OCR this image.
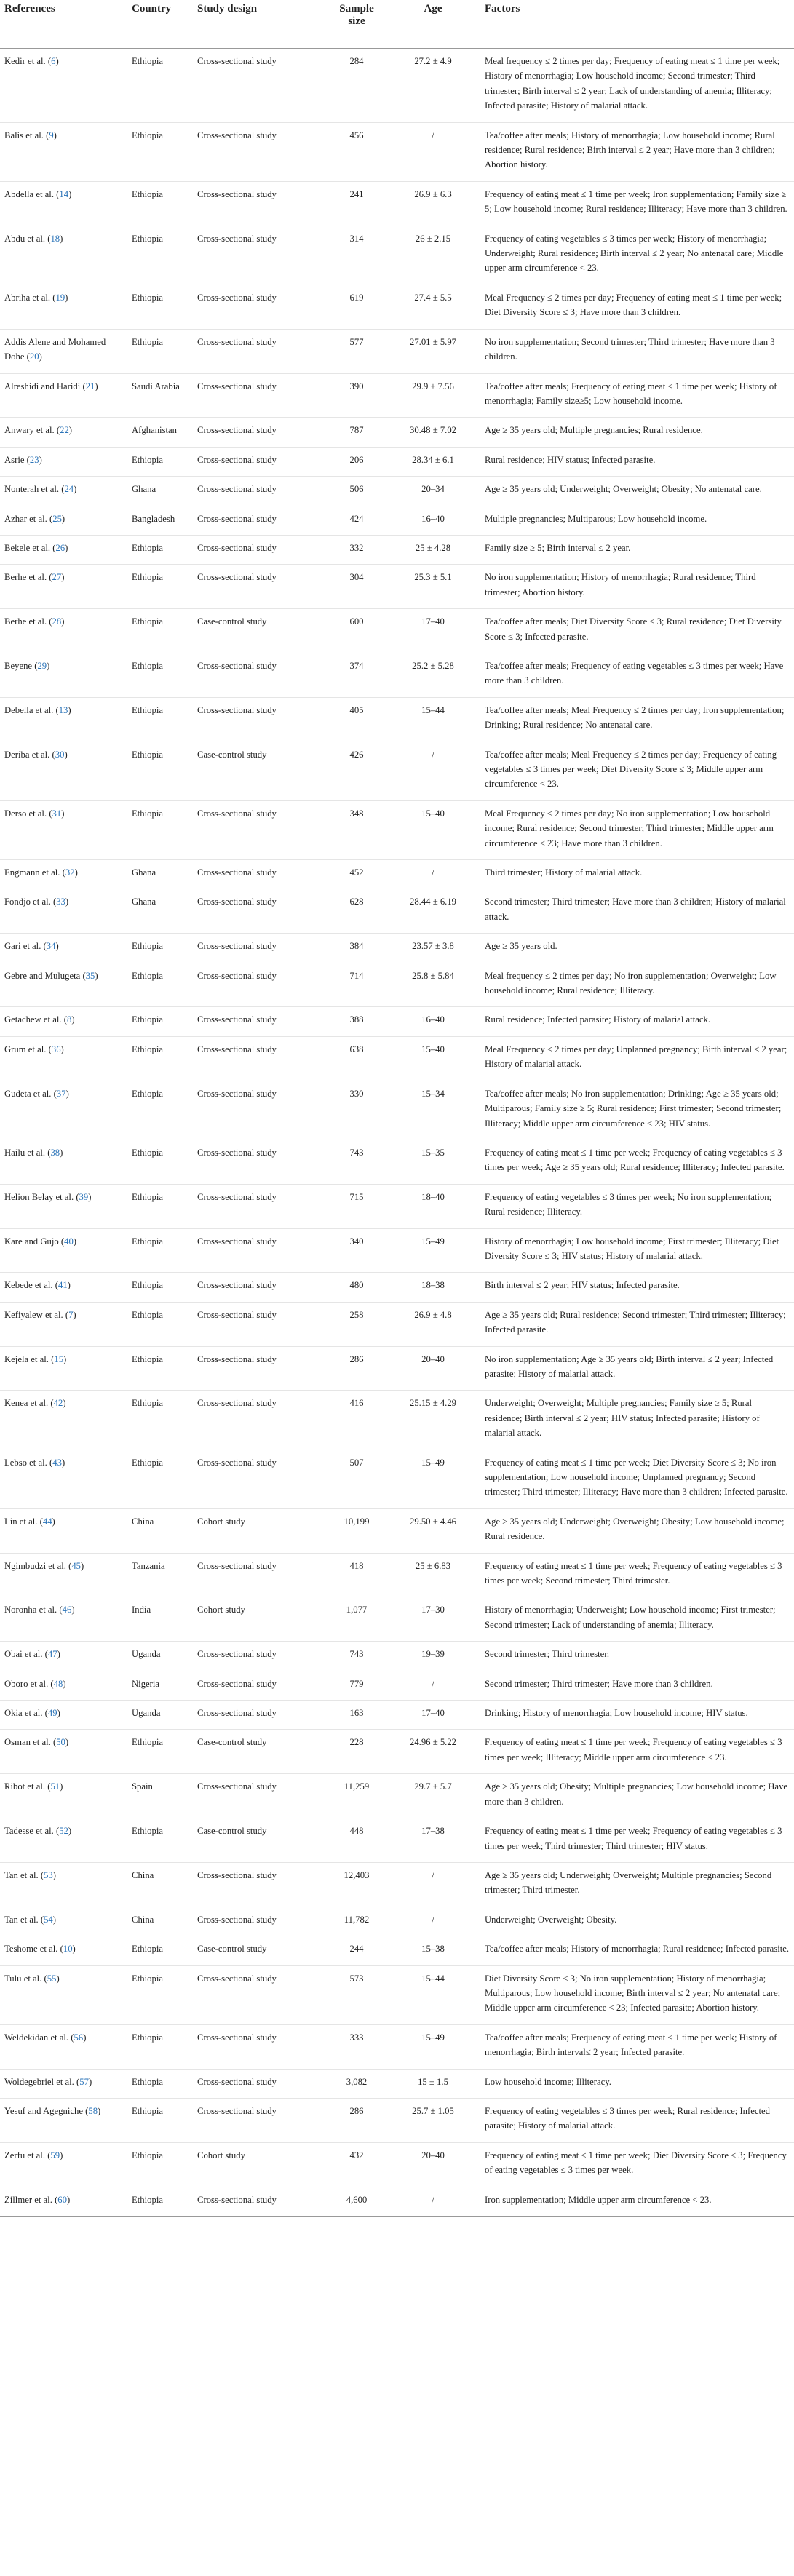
References	Country	Study design	Sample size	Age	Factors
Kedir et al. (6)	Ethiopia	Cross-sectional study	284	27.2 ± 4.9	Meal frequency ≤ 2 times per day; Frequency of eating meat ≤ 1 time per week; History of menorrhagia; Low household income; Second trimester; Third trimester; Birth interval ≤ 2 year; Lack of understanding of anemia; Illiteracy; Infected parasite; History of malarial attack.
Balis et al. (9)	Ethiopia	Cross-sectional study	456	/	Tea/coffee after meals; History of menorrhagia; Low household income; Rural residence; Rural residence; Birth interval ≤ 2 year; Have more than 3 children; Abortion history.
Abdella et al. (14)	Ethiopia	Cross-sectional study	241	26.9 ± 6.3	Frequency of eating meat ≤ 1 time per week; Iron supplementation; Family size ≥ 5; Low household income; Rural residence; Illiteracy; Have more than 3 children.
Abdu et al. (18)	Ethiopia	Cross-sectional study	314	26 ± 2.15	Frequency of eating vegetables ≤ 3 times per week; History of menorrhagia; Underweight; Rural residence; Birth interval ≤ 2 year; No antenatal care; Middle upper arm circumference < 23.
Abriha et al. (19)	Ethiopia	Cross-sectional study	619	27.4 ± 5.5	Meal Frequency ≤ 2 times per day; Frequency of eating meat ≤ 1 time per week; Diet Diversity Score ≤ 3; Have more than 3 children.
Addis Alene and Mohamed Dohe (20)	Ethiopia	Cross-sectional study	577	27.01 ± 5.97	No iron supplementation; Second trimester; Third trimester; Have more than 3 children.
Alreshidi and Haridi (21)	Saudi Arabia	Cross-sectional study	390	29.9 ± 7.56	Tea/coffee after meals; Frequency of eating meat ≤ 1 time per week; History of menorrhagia; Family size≥5; Low household income.
Anwary et al. (22)	Afghanistan	Cross-sectional study	787	30.48 ± 7.02	Age ≥ 35 years old; Multiple pregnancies; Rural residence.
Asrie (23)	Ethiopia	Cross-sectional study	206	28.34 ± 6.1	Rural residence; HIV status; Infected parasite.
Nonterah et al. (24)	Ghana	Cross-sectional study	506	20–34	Age ≥ 35 years old; Underweight; Overweight; Obesity; No antenatal care.
Azhar et al. (25)	Bangladesh	Cross-sectional study	424	16–40	Multiple pregnancies; Multiparous; Low household income.
Bekele et al. (26)	Ethiopia	Cross-sectional study	332	25 ± 4.28	Family size ≥ 5; Birth interval ≤ 2 year.
Berhe et al. (27)	Ethiopia	Cross-sectional study	304	25.3 ± 5.1	No iron supplementation; History of menorrhagia; Rural residence; Third trimester; Abortion history.
Berhe et al. (28)	Ethiopia	Case-control study	600	17–40	Tea/coffee after meals; Diet Diversity Score ≤ 3; Rural residence; Diet Diversity Score ≤ 3; Infected parasite.
Beyene (29)	Ethiopia	Cross-sectional study	374	25.2 ± 5.28	Tea/coffee after meals; Frequency of eating vegetables ≤ 3 times per week; Have more than 3 children.
Debella et al. (13)	Ethiopia	Cross-sectional study	405	15–44	Tea/coffee after meals; Meal Frequency ≤ 2 times per day; Iron supplementation; Drinking; Rural residence; No antenatal care.
Deriba et al. (30)	Ethiopia	Case-control study	426	/	Tea/coffee after meals; Meal Frequency ≤ 2 times per day; Frequency of eating vegetables ≤ 3 times per week; Diet Diversity Score ≤ 3; Middle upper arm circumference < 23.
Derso et al. (31)	Ethiopia	Cross-sectional study	348	15–40	Meal Frequency ≤ 2 times per day; No iron supplementation; Low household income; Rural residence; Second trimester; Third trimester; Middle upper arm circumference < 23; Have more than 3 children.
Engmann et al. (32)	Ghana	Cross-sectional study	452	/	Third trimester; History of malarial attack.
Fondjo et al. (33)	Ghana	Cross-sectional study	628	28.44 ± 6.19	Second trimester; Third trimester; Have more than 3 children; History of malarial attack.
Gari et al. (34)	Ethiopia	Cross-sectional study	384	23.57 ± 3.8	Age ≥ 35 years old.
Gebre and Mulugeta (35)	Ethiopia	Cross-sectional study	714	25.8 ± 5.84	Meal frequency ≤ 2 times per day; No iron supplementation; Overweight; Low household income; Rural residence; Illiteracy.
Getachew et al. (8)	Ethiopia	Cross-sectional study	388	16–40	Rural residence; Infected parasite; History of malarial attack.
Grum et al. (36)	Ethiopia	Cross-sectional study	638	15–40	Meal Frequency ≤ 2 times per day; Unplanned pregnancy; Birth interval ≤ 2 year; History of malarial attack.
Gudeta et al. (37)	Ethiopia	Cross-sectional study	330	15–34	Tea/coffee after meals; No iron supplementation; Drinking; Age ≥ 35 years old; Multiparous; Family size ≥ 5; Rural residence; First trimester; Second trimester; Illiteracy; Middle upper arm circumference < 23; HIV status.
Hailu et al. (38)	Ethiopia	Cross-sectional study	743	15–35	Frequency of eating meat ≤ 1 time per week; Frequency of eating vegetables ≤ 3 times per week; Age ≥ 35 years old; Rural residence; Illiteracy; Infected parasite.
Helion Belay et al. (39)	Ethiopia	Cross-sectional study	715	18–40	Frequency of eating vegetables ≤ 3 times per week; No iron supplementation; Rural residence; Illiteracy.
Kare and Gujo (40)	Ethiopia	Cross-sectional study	340	15–49	History of menorrhagia; Low household income; First trimester; Illiteracy; Diet Diversity Score ≤ 3; HIV status; History of malarial attack.
Kebede et al. (41)	Ethiopia	Cross-sectional study	480	18–38	Birth interval ≤ 2 year; HIV status; Infected parasite.
Kefiyalew et al. (7)	Ethiopia	Cross-sectional study	258	26.9 ± 4.8	Age ≥ 35 years old; Rural residence; Second trimester; Third trimester; Illiteracy; Infected parasite.
Kejela et al. (15)	Ethiopia	Cross-sectional study	286	20–40	No iron supplementation; Age ≥ 35 years old; Birth interval ≤ 2 year; Infected parasite; History of malarial attack.
Kenea et al. (42)	Ethiopia	Cross-sectional study	416	25.15 ± 4.29	Underweight; Overweight; Multiple pregnancies; Family size ≥ 5; Rural residence; Birth interval ≤ 2 year; HIV status; Infected parasite; History of malarial attack.
Lebso et al. (43)	Ethiopia	Cross-sectional study	507	15–49	Frequency of eating meat ≤ 1 time per week; Diet Diversity Score ≤ 3; No iron supplementation; Low household income; Unplanned pregnancy; Second trimester; Third trimester; Illiteracy; Have more than 3 children; Infected parasite.
Lin et al. (44)	China	Cohort study	10,199	29.50 ± 4.46	Age ≥ 35 years old; Underweight; Overweight; Obesity; Low household income; Rural residence.
Ngimbudzi et al. (45)	Tanzania	Cross-sectional study	418	25 ± 6.83	Frequency of eating meat ≤ 1 time per week; Frequency of eating vegetables ≤ 3 times per week; Second trimester; Third trimester.
Noronha et al. (46)	India	Cohort study	1,077	17–30	History of menorrhagia; Underweight; Low household income; First trimester; Second trimester; Lack of understanding of anemia; Illiteracy.
Obai et al. (47)	Uganda	Cross-sectional study	743	19–39	Second trimester; Third trimester.
Oboro et al. (48)	Nigeria	Cross-sectional study	779	/	Second trimester; Third trimester; Have more than 3 children.
Okia et al. (49)	Uganda	Cross-sectional study	163	17–40	Drinking; History of menorrhagia; Low household income; HIV status.
Osman et al. (50)	Ethiopia	Case-control study	228	24.96 ± 5.22	Frequency of eating meat ≤ 1 time per week; Frequency of eating vegetables ≤ 3 times per week; Illiteracy; Middle upper arm circumference < 23.
Ribot et al. (51)	Spain	Cross-sectional study	11,259	29.7 ± 5.7	Age ≥ 35 years old; Obesity; Multiple pregnancies; Low household income; Have more than 3 children.
Tadesse et al. (52)	Ethiopia	Case-control study	448	17–38	Frequency of eating meat ≤ 1 time per week; Frequency of eating vegetables ≤ 3 times per week; Third trimester; Third trimester; HIV status.
Tan et al. (53)	China	Cross-sectional study	12,403	/	Age ≥ 35 years old; Underweight; Overweight; Multiple pregnancies; Second trimester; Third trimester.
Tan et al. (54)	China	Cross-sectional study	11,782	/	Underweight; Overweight; Obesity.
Teshome et al. (10)	Ethiopia	Case-control study	244	15–38	Tea/coffee after meals; History of menorrhagia; Rural residence; Infected parasite.
Tulu et al. (55)	Ethiopia	Cross-sectional study	573	15–44	Diet Diversity Score ≤ 3; No iron supplementation; History of menorrhagia; Multiparous; Low household income; Birth interval ≤ 2 year; No antenatal care; Middle upper arm circumference < 23; Infected parasite; Abortion history.
Weldekidan et al. (56)	Ethiopia	Cross-sectional study	333	15–49	Tea/coffee after meals; Frequency of eating meat ≤ 1 time per week; History of menorrhagia; Birth interval≤ 2 year; Infected parasite.
Woldegebriel et al. (57)	Ethiopia	Cross-sectional study	3,082	15 ± 1.5	Low household income; Illiteracy.
Yesuf and Agegniche (58)	Ethiopia	Cross-sectional study	286	25.7 ± 1.05	Frequency of eating vegetables ≤ 3 times per week; Rural residence; Infected parasite; History of malarial attack.
Zerfu et al. (59)	Ethiopia	Cohort study	432	20–40	Frequency of eating meat ≤ 1 time per week; Diet Diversity Score ≤ 3; Frequency of eating vegetables ≤ 3 times per week.
Zillmer et al. (60)	Ethiopia	Cross-sectional study	4,600	/	Iron supplementation; Middle upper arm circumference < 23.
